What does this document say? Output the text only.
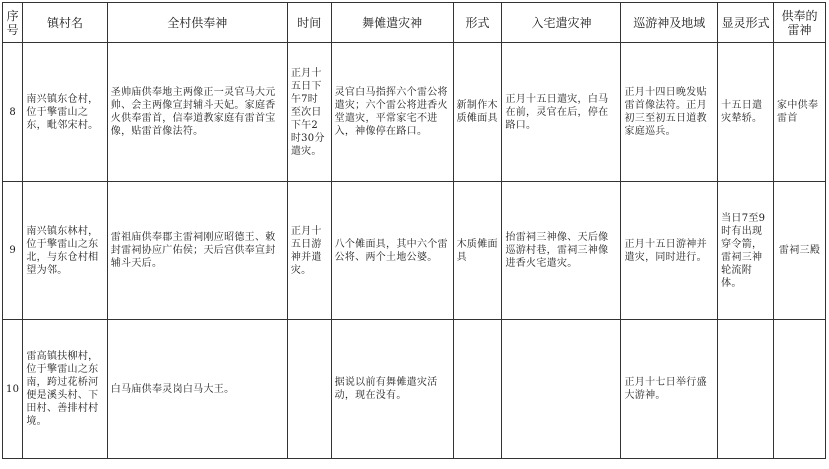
序号	镇村名	全村供奉神	时间	舞傩遣灾神	形式	入宅遣灾神	巡游神及地域	显灵形式	供奉的雷神
8	南兴镇东仓村，位于擎雷山之东，毗邻宋村。	圣帅庙供奉地主两像正一灵官马大元帅、会主两像宣封辅斗天妃。家庭香火供奉雷首，信奉道教家庭有雷首宝像，贴雷首像法符。	正月十五日下午7时至次日下午2时30分遣灾。	灵官白马指挥六个雷公将遣灾；六个雷公将进香火堂遣灾，平常家宅不进入，神像停在路口。	新制作木质傩面具	正月十五日遣灾，白马在前，灵官在后，停在路口。	正月十四日晚发贴雷首像法符。正月初三至初五日道教家庭巡兵。	十五日遣灾辇轿。	家中供奉雷首
9	南兴镇东林村，位于擎雷山之东北，与东仓村相望为邻。	雷祖庙供奉郡主雷祠刚应昭德王、敕封雷祠协应广佑侯；天后宫供奉宣封辅斗天后。	正月十五日游神并遣灾。	八个傩面具，其中六个雷公将、两个土地公婆。	木质傩面具	抬雷祠三神像、天后像巡游村巷，雷祠三神像进香火宅遣灾。	正月十五日游神并遣灾，同时进行。	当日7至9时有出现穿令箭，雷祠三神轮流附体。	雷祠三殿
10	雷高镇扶柳村，位于擎雷山之东南，跨过花桥河便是溪头村、下田村、善排村村境。	白马庙供奉灵岗白马大王。		据说以前有舞傩遣灾活动，现在没有。			正月十七日举行盛大游神。		
